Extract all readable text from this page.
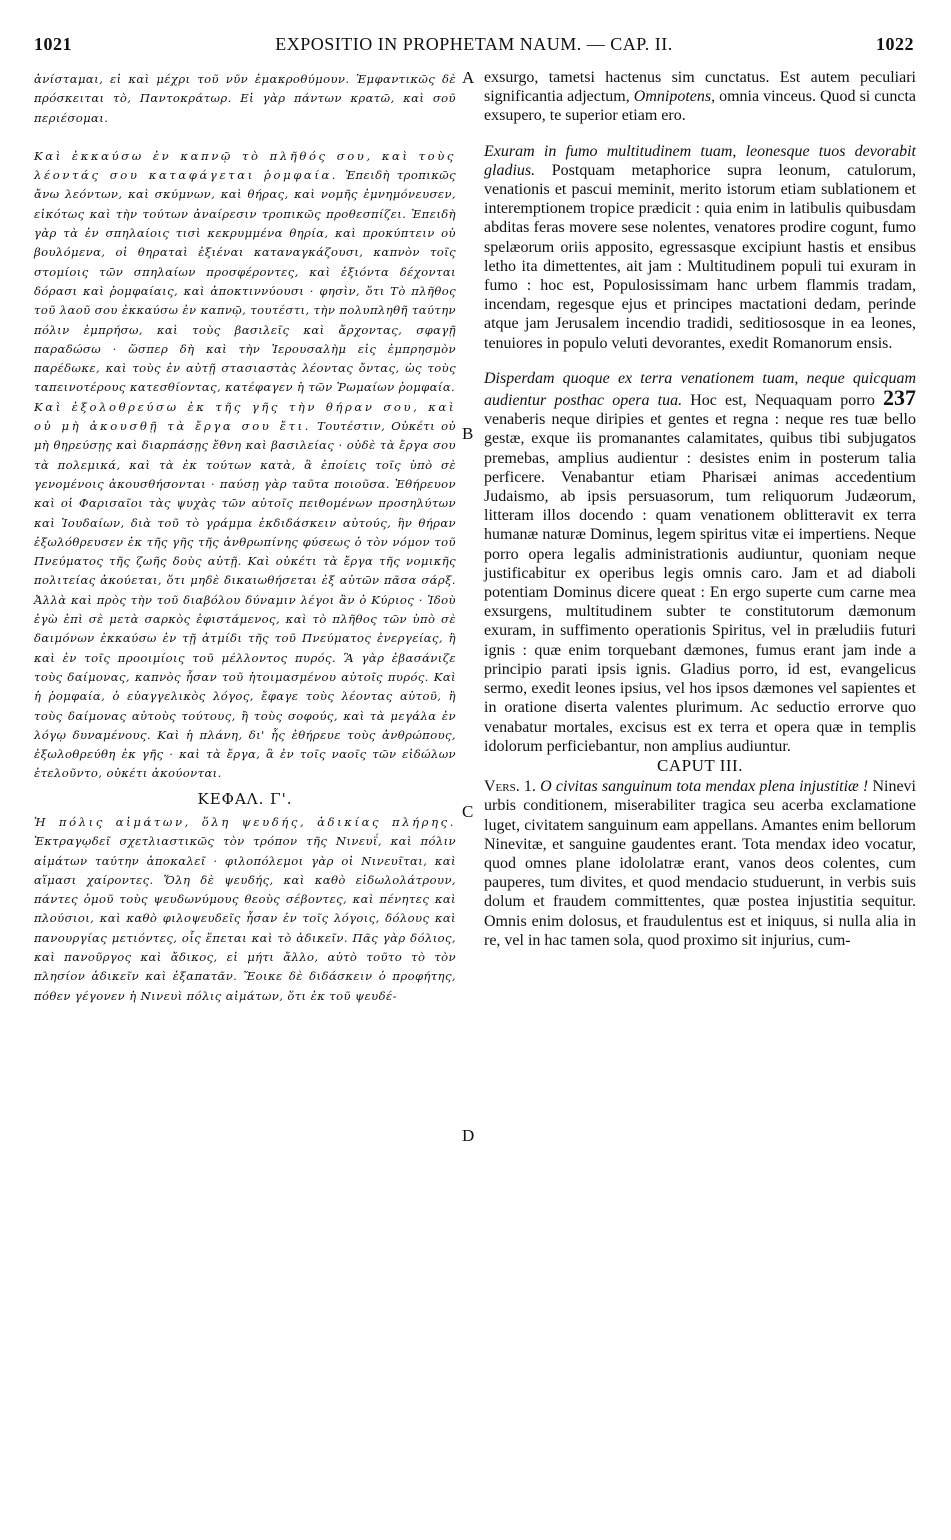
1021	EXPOSITIO IN PROPHETAM NAUM. — CAP. II.	1022
A
B
C
D

ἀνίσταμαι, εἰ καὶ μέχρι τοῦ νῦν ἐμακροθύμουν. Ἐμφαντικῶς δὲ πρόσκειται τὸ, Παντοκράτωρ. Εἰ γὰρ πάντων κρατῶ, καὶ σοῦ περιέσομαι.

Καὶ ἐκκαύσω ἐν καπνῷ τὸ πλῆθός σου, καὶ τοὺς λέοντάς σου καταφάγεται ῥομφαία. Ἐπειδὴ τροπικῶς ἄνω λεόντων, καὶ σκύμνων, καὶ θήρας, καὶ νομῆς ἐμνημόνευσεν, εἰκότως καὶ τὴν τούτων ἀναίρεσιν τροπικῶς προθεσπίζει. Ἐπειδὴ γὰρ τὰ ἐν σπηλαίοις τισὶ κεκρυμμένα θηρία, καὶ προκύπτειν οὐ βουλόμενα, οἱ θηραταὶ ἐξιέναι καταναγκάζουσι, καπνὸν τοῖς στομίοις τῶν σπηλαίων προσφέροντες, καὶ ἐξιόντα δέχονται δόρασι καὶ ῥομφαίαις, καὶ ἀποκτιννύουσι · φησὶν, ὅτι Τὸ πλῆθος τοῦ λαοῦ σου ἐκκαύσω ἐν καπνῷ, τουτέστι, τὴν πολυπληθῆ ταύτην πόλιν ἐμπρήσω, καὶ τοὺς βασιλεῖς καὶ ἄρχοντας, σφαγῇ παραδώσω · ὥσπερ δὴ καὶ τὴν Ἱερουσαλὴμ εἰς ἐμπρησμὸν παρέδωκε, καὶ τοὺς ἐν αὐτῇ στασιαστὰς λέοντας ὄντας, ὡς τοὺς ταπεινοτέρους κατεσθίοντας, κατέφαγεν ἡ τῶν Ῥωμαίων ῥομφαία.

Καὶ ἐξολοθρεύσω ἐκ τῆς γῆς τὴν θήραν σου, καὶ οὐ μὴ ἀκουσθῇ τὰ ἔργα σου ἔτι. Τουτέστιν, Οὐκέτι οὐ μὴ θηρεύσῃς καὶ διαρπάσῃς ἔθνη καὶ βασιλείας · οὐδὲ τὰ ἔργα σου τὰ πολεμικά, καὶ τὰ ἐκ τούτων κατὰ, ἃ ἐποίεις τοῖς ὑπὸ σὲ γενομένοις ἀκουσθήσονται · παύσῃ γὰρ ταῦτα ποιοῦσα. Ἐθήρευον καὶ οἱ Φαρισαῖοι τὰς ψυχὰς τῶν αὐτοῖς πειθομένων προσηλύτων καὶ Ἰουδαίων, διὰ τοῦ τὸ γράμμα ἐκδιδάσκειν αὐτούς, ἣν θήραν ἐξωλόθρευσεν ἐκ τῆς γῆς τῆς ἀνθρωπίνης φύσεως ὁ τὸν νόμον τοῦ Πνεύματος τῆς ζωῆς δοὺς αὐτῇ. Καὶ οὐκέτι τὰ ἔργα τῆς νομικῆς πολιτείας ἀκούεται, ὅτι μηδὲ δικαιωθήσεται ἐξ αὐτῶν πᾶσα σάρξ. Ἀλλὰ καὶ πρὸς τὴν τοῦ διαβόλου δύναμιν λέγοι ἂν ὁ Κύριος · Ἰδοὺ ἐγὼ ἐπὶ σὲ μετὰ σαρκὸς ἐφιστάμενος, καὶ τὸ πλῆθος τῶν ὑπὸ σὲ δαιμόνων ἐκκαύσω ἐν τῇ ἀτμίδι τῆς τοῦ Πνεύματος ἐνεργείας, ἢ καὶ ἐν τοῖς προοιμίοις τοῦ μέλλοντος πυρός. Ἃ γὰρ ἐβασάνιζε τοὺς δαίμονας, καπνὸς ἦσαν τοῦ ἡτοιμασμένου αὐτοῖς πυρός. Καὶ ἡ ῥομφαία, ὁ εὐαγγελικὸς λόγος, ἔφαγε τοὺς λέοντας αὐτοῦ, ἢ τοὺς δαίμονας αὐτοὺς τούτους, ἢ τοὺς σοφούς, καὶ τὰ μεγάλα ἐν λόγῳ δυναμένους. Καὶ ἡ πλάνη, δι' ἧς ἐθήρευε τοὺς ἀνθρώπους, ἐξωλοθρεύθη ἐκ γῆς · καὶ τὰ ἔργα, ἃ ἐν τοῖς ναοῖς τῶν εἰδώλων ἐτελοῦντο, οὐκέτι ἀκούονται.

ΚΕΦΑΛ. Γ'.

Ἡ πόλις αἱμάτων, ὅλη ψευδής, ἀδικίας πλήρης. Ἐκτραγῳδεῖ σχετλιαστικῶς τὸν τρόπον τῆς Νινευΐ, καὶ πόλιν αἱμάτων ταύτην ἀποκαλεῖ · φιλοπόλεμοι γὰρ οἱ Νινευῖται, καὶ αἵμασι χαίροντες. Ὅλη δὲ ψευδής, καὶ καθὸ εἰδωλολάτρουν, πάντες ὁμοῦ τοὺς ψευδωνύμους θεοὺς σέβοντες, καὶ πένητες καὶ πλούσιοι, καὶ καθὸ φιλοψευδεῖς ἦσαν ἐν τοῖς λόγοις, δόλους καὶ πανουργίας μετιόντες, οἷς ἕπεται καὶ τὸ ἀδικεῖν. Πᾶς γὰρ δόλιος, καὶ πανοῦργος καὶ ἄδικος, εἰ μήτι ἄλλο, αὐτὸ τοῦτο τὸ τὸν πλησίον ἀδικεῖν καὶ ἐξαπατᾶν. Ἔοικε δὲ διδάσκειν ὁ προφήτης, πόθεν γέγονεν ἡ Νινευὶ πόλις αἱμάτων, ὅτι ἐκ τοῦ ψευδέ-

exsurgo, tametsi hactenus sim cunctatus. Est autem peculiari significantia adjectum, Omnipotens, omnia vinceus. Quod si cuncta exsupero, te superior etiam ero.

Exuram in fumo multitudinem tuam, leonesque tuos devorabit gladius. Postquam metaphorice supra leonum, catulorum, venationis et pascui meminit, merito istorum etiam sublationem et interemptionem tropice prædicit : quia enim in latibulis quibusdam abditas feras movere sese nolentes, venatores prodire cogunt, fumo spelæorum oriis apposito, egressasque excipiunt hastis et ensibus letho ita dimettentes, ait jam : Multitudinem populi tui exuram in fumo : hoc est, Populosissimam hanc urbem flammis tradam, incendam, regesque ejus et principes mactationi dedam, perinde atque jam Jerusalem incendio tradidi, seditiososque in ea leones, tenuiores in populo veluti devorantes, exedit Romanorum ensis.

Disperdam quoque ex terra venationem tuam, neque quicquam audientur posthac opera tua. Hoc est, Nequaquam porro 237 venaberis neque diripies et gentes et regna : neque res tuæ bello gestæ, exque iis promanantes calamitates, quibus tibi subjugatos premebas, amplius audientur : desistes enim in posterum talia perficere. Venabantur etiam Pharisæi animas accedentium Judaismo, ab ipsis persuasorum, tum reliquorum Judæorum, litteram illos docendo : quam venationem oblitteravit ex terra humanæ naturæ Dominus, legem spiritus vitæ ei impertiens. Neque porro opera legalis administrationis audiuntur, quoniam neque justificabitur ex operibus legis omnis caro. Jam et ad diaboli potentiam Dominus dicere queat : En ergo superte cum carne mea exsurgens, multitudinem subter te constitutorum dæmonum exuram, in suffimento operationis Spiritus, vel in præludiis futuri ignis : quæ enim torquebant dæmones, fumus erant jam inde a principio parati ipsis ignis. Gladius porro, id est, evangelicus sermo, exedit leones ipsius, vel hos ipsos dæmones vel sapientes et in oratione diserta valentes plurimum. Ac seductio errorve quo venabatur mortales, excisus est ex terra et opera quæ in templis idolorum perficiebantur, non amplius audiuntur.

CAPUT III.

Vers. 1. O civitas sanguinum tota mendax plena injustitiæ ! Ninevi urbis conditionem, miserabiliter tragica seu acerba exclamatione luget, civitatem sanguinum eam appellans. Amantes enim bellorum Ninevitæ, et sanguine gaudentes erant. Tota mendax ideo vocatur, quod omnes plane idololatræ erant, vanos deos colentes, cum pauperes, tum divites, et quod mendacio studuerunt, in verbis suis dolum et fraudem committentes, quæ postea injustitia sequitur. Omnis enim dolosus, et fraudulentus est et iniquus, si nulla alia in re, vel in hac tamen sola, quod proximo sit injurius, cum-
